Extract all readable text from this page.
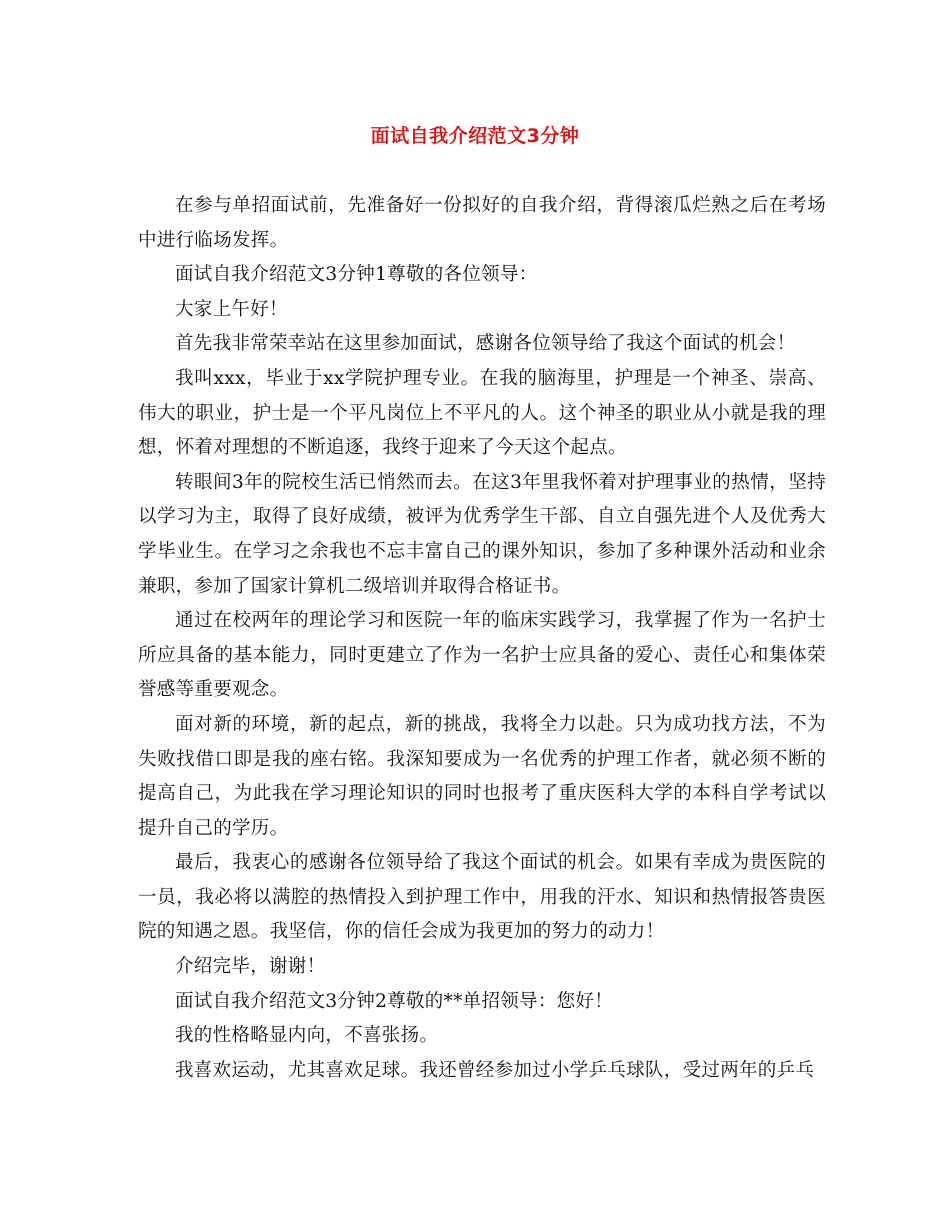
面试自我介绍范文3分钟

在参与单招面试前，先准备好一份拟好的自我介绍，背得滚瓜烂熟之后在考场中进行临场发挥。

面试自我介绍范文3分钟1尊敬的各位领导：

大家上午好！

首先我非常荣幸站在这里参加面试，感谢各位领导给了我这个面试的机会！

我叫xxx，毕业于xx学院护理专业。在我的脑海里，护理是一个神圣、崇高、伟大的职业，护士是一个平凡岗位上不平凡的人。这个神圣的职业从小就是我的理想，怀着对理想的不断追逐，我终于迎来了今天这个起点。

转眼间3年的院校生活已悄然而去。在这3年里我怀着对护理事业的热情，坚持以学习为主，取得了良好成绩，被评为优秀学生干部、自立自强先进个人及优秀大学毕业生。在学习之余我也不忘丰富自己的课外知识，参加了多种课外活动和业余兼职，参加了国家计算机二级培训并取得合格证书。

通过在校两年的理论学习和医院一年的临床实践学习，我掌握了作为一名护士所应具备的基本能力，同时更建立了作为一名护士应具备的爱心、责任心和集体荣誉感等重要观念。

面对新的环境，新的起点，新的挑战，我将全力以赴。只为成功找方法，不为失败找借口即是我的座右铭。我深知要成为一名优秀的护理工作者，就必须不断的提高自己，为此我在学习理论知识的同时也报考了重庆医科大学的本科自学考试以提升自己的学历。

最后，我衷心的感谢各位领导给了我这个面试的机会。如果有幸成为贵医院的一员，我必将以满腔的热情投入到护理工作中，用我的汗水、知识和热情报答贵医院的知遇之恩。我坚信，你的信任会成为我更加的努力的动力！

介绍完毕，谢谢！

面试自我介绍范文3分钟2尊敬的**单招领导：您好！

我的性格略显内向，不喜张扬。

我喜欢运动，尤其喜欢足球。我还曾经参加过小学乒乓球队，受过两年的乒乓
